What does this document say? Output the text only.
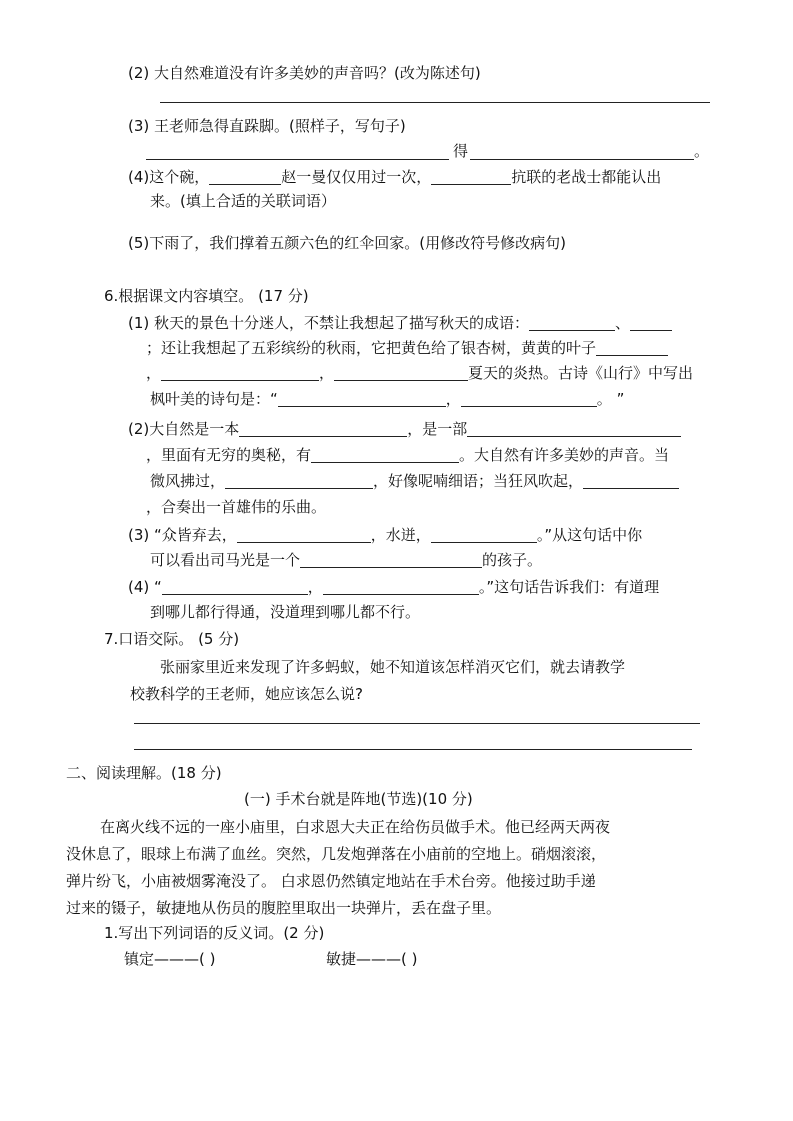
(2) 大自然难道没有许多美妙的声音吗？(改为陈述句)
(3) 王老师急得直跺脚。(照样子，写句子)
得	。
(4)这个碗，	赵一曼仅仅用过一次，	抗联的老战士都能认出
来。(填上合适的关联词语）
(5)下雨了，我们撑着五颜六色的红伞回家。(用修改符号修改病句)
6.根据课文内容填空。 (17 分)
(1) 秋天的景色十分迷人，不禁让我想起了描写秋天的成语：	、
；还让我想起了五彩缤纷的秋雨，它把黄色给了银杏树，黄黄的叶子
，	，	夏天的炎热。古诗《山行》中写出
枫叶美的诗句是：“	，	。 ”
(2)大自然是一本	，是一部
，里面有无穷的奥秘，有	。大自然有许多美妙的声音。当
微风拂过，	，好像呢喃细语；当狂风吹起，
，合奏出一首雄伟的乐曲。
(3) “众皆弃去，	，水迸，	。”从这句话中你
可以看出司马光是一个	的孩子。
(4) “	，	。”这句话告诉我们：有道理
到哪儿都行得通，没道理到哪儿都不行。
7.口语交际。 (5 分)
张丽家里近来发现了许多蚂蚁，她不知道该怎样消灭它们，就去请教学
校教科学的王老师，她应该怎么说?
二、阅读理解。(18 分)
(一) 手术台就是阵地(节选)(10 分)
在离火线不远的一座小庙里，白求恩大夫正在给伤员做手术。他已经两天两夜
没休息了，眼球上布满了血丝。突然，几发炮弹落在小庙前的空地上。硝烟滚滚，
弹片纷飞，小庙被烟雾淹没了。 白求恩仍然镇定地站在手术台旁。他接过助手递
过来的镊子，敏捷地从伤员的腹腔里取出一块弹片，丢在盘子里。
1.写出下列词语的反义词。(2 分)
镇定———( )	敏捷———( )
